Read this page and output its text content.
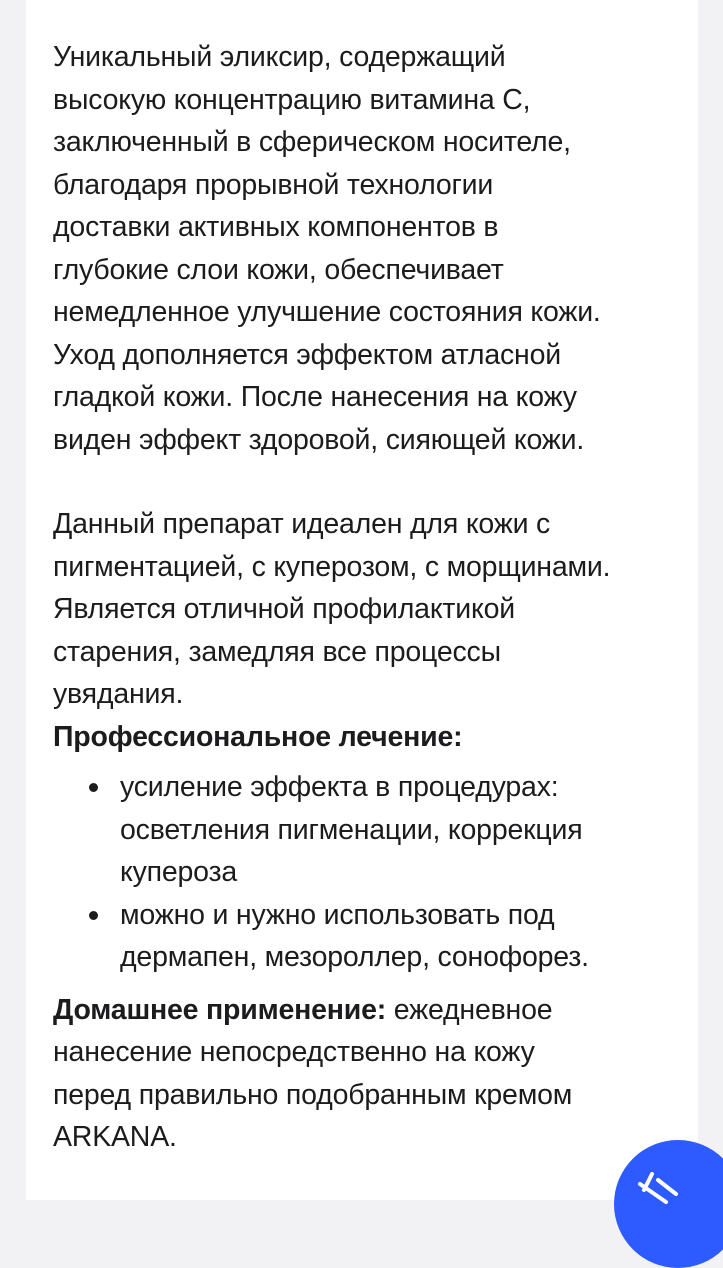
Уникальный эликсир, содержащий
высокую концентрацию витамина С,
заключенный в сферическом носителе,
благодаря прорывной технологии
доставки активных компонентов в
глубокие слои кожи, обеспечивает
немедленное улучшение состояния кожи.
Уход дополняется эффектом атласной
гладкой кожи. После нанесения на кожу
виден эффект здоровой, сияющей кожи.

Данный препарат идеален для кожи с
пигментацией, с куперозом, с морщинами.
Является отличной профилактикой
старения, замедляя все процессы
увядания.

Профессиональное лечение:

усиление эффекта в процедурах:
осветления пигменации, коррекция
купероза
можно и нужно использовать под
дермапен, мезороллер, сонофорез.

Домашнее применение: ежедневное
нанесение непосредственно на кожу
перед правильно подобранным кремом
ARKANA.
